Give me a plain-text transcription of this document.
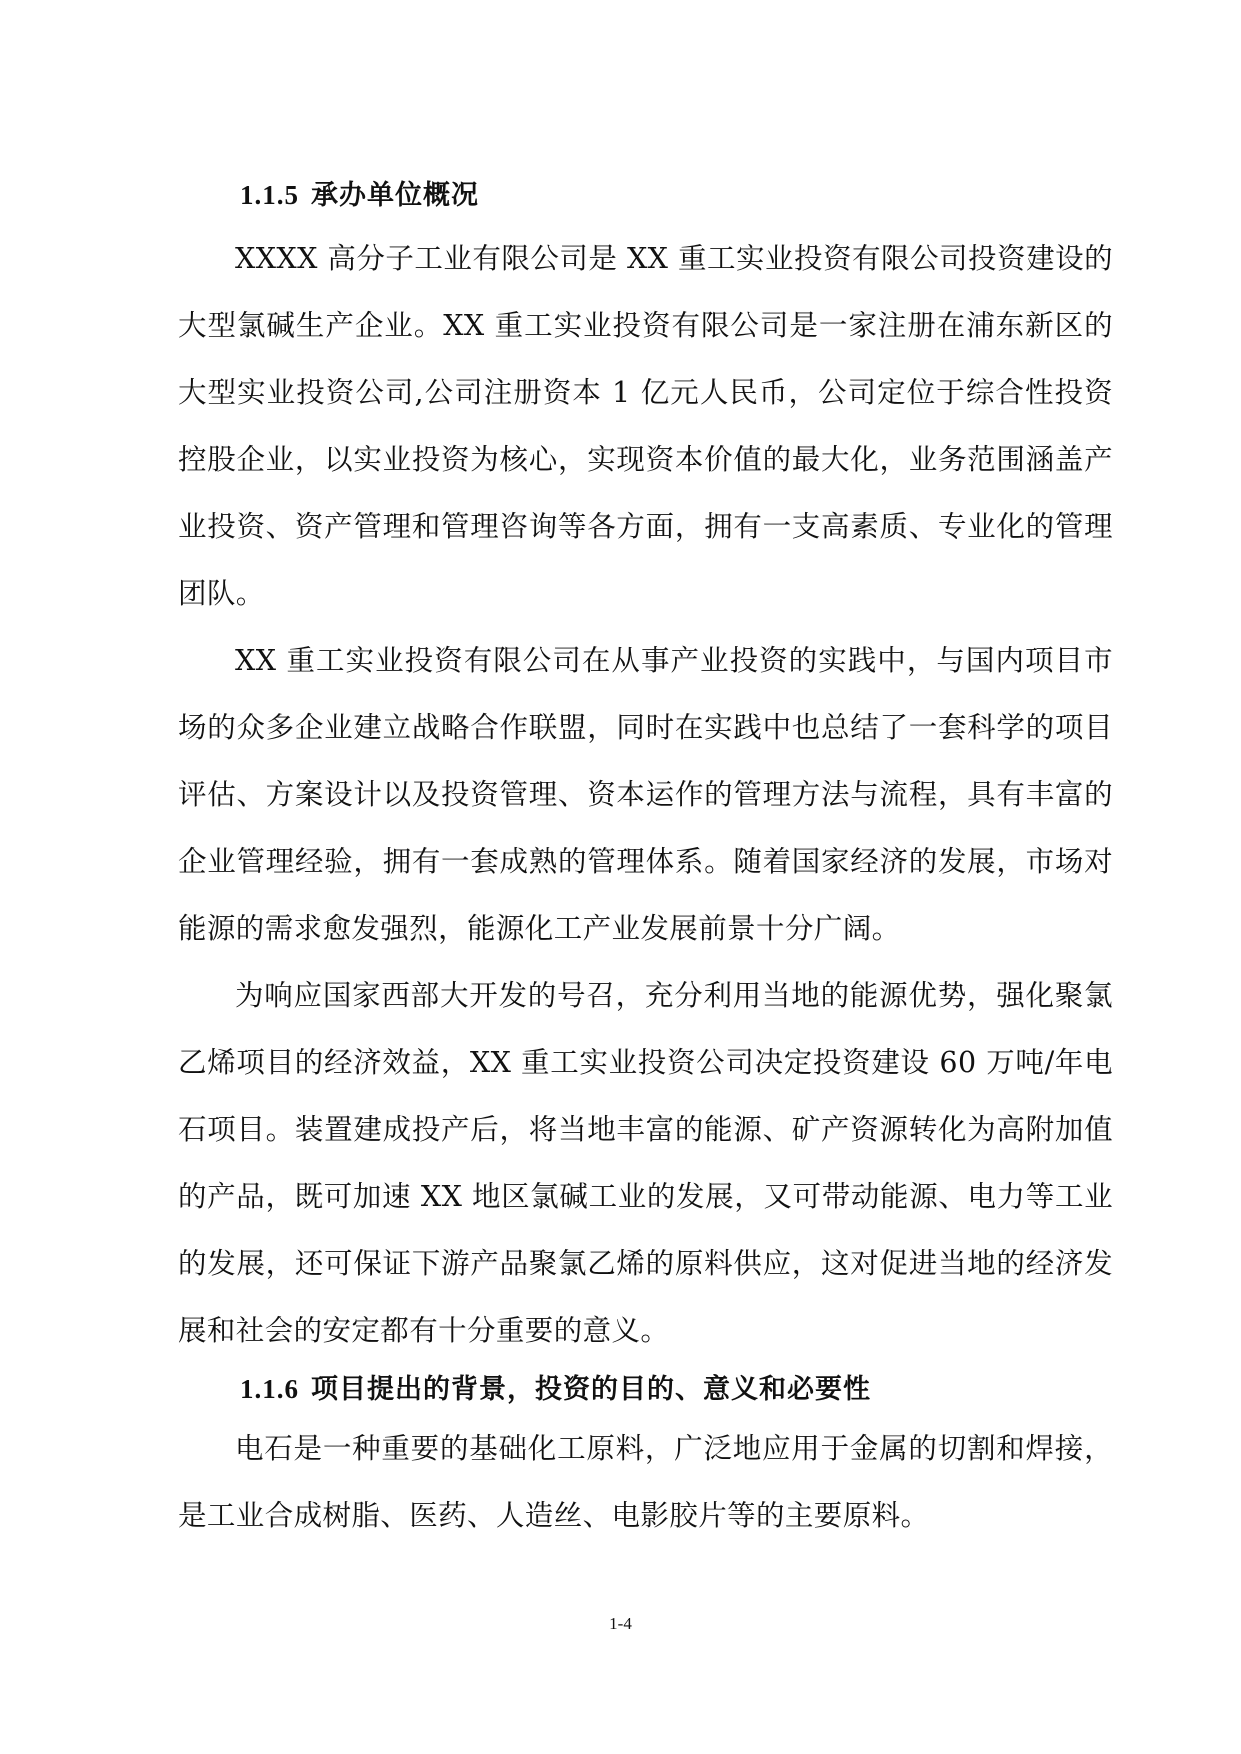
1.1.5 承办单位概况

XXXX 高分子工业有限公司是 XX 重工实业投资有限公司投资建设的大型氯碱生产企业。XX 重工实业投资有限公司是一家注册在浦东新区的大型实业投资公司,公司注册资本 1 亿元人民币，公司定位于综合性投资控股企业，以实业投资为核心，实现资本价值的最大化，业务范围涵盖产业投资、资产管理和管理咨询等各方面，拥有一支高素质、专业化的管理团队。

XX 重工实业投资有限公司在从事产业投资的实践中，与国内项目市场的众多企业建立战略合作联盟，同时在实践中也总结了一套科学的项目评估、方案设计以及投资管理、资本运作的管理方法与流程，具有丰富的企业管理经验，拥有一套成熟的管理体系。随着国家经济的发展，市场对能源的需求愈发强烈，能源化工产业发展前景十分广阔。

为响应国家西部大开发的号召，充分利用当地的能源优势，强化聚氯乙烯项目的经济效益，XX 重工实业投资公司决定投资建设 60 万吨/年电石项目。装置建成投产后，将当地丰富的能源、矿产资源转化为高附加值的产品，既可加速 XX 地区氯碱工业的发展，又可带动能源、电力等工业的发展，还可保证下游产品聚氯乙烯的原料供应，这对促进当地的经济发展和社会的安定都有十分重要的意义。

1.1.6 项目提出的背景，投资的目的、意义和必要性

电石是一种重要的基础化工原料，广泛地应用于金属的切割和焊接，是工业合成树脂、医药、人造丝、电影胶片等的主要原料。

1-4
